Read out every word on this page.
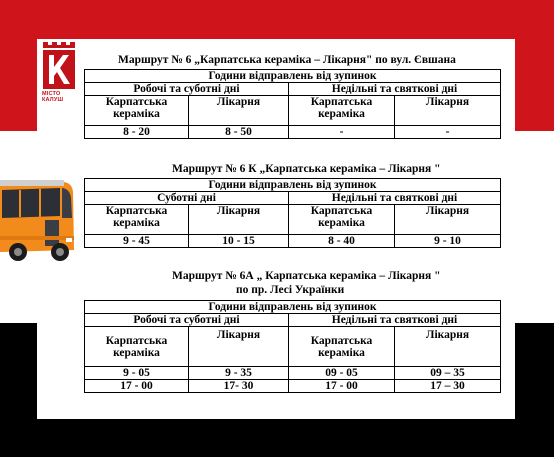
МІСТО
КАЛУШ
Маршрут № 6 „Карпатська кераміка – Лікарня" по вул. Євшана
Години відправлень від зупинок			
Робочі та суботні дні		Недільні та святкові дні	
Карпатська кераміка	Лікарня	Карпатська кераміка	Лікарня
8 - 20	8 - 50	-	-
Маршрут № 6 К „Карпатська кераміка – Лікарня "
Години відправлень від зупинок			
Суботні дні		Недільні та святкові дні	
Карпатська кераміка	Лікарня	Карпатська кераміка	Лікарня
9 - 45	10 - 15	8 - 40	9 - 10
Маршрут № 6А „ Карпатська кераміка – Лікарня "
по пр. Лесі Українки
Години відправлень від зупинок			
Робочі та суботні дні		Недільні та святкові дні	
Карпатська кераміка	Лікарня	Карпатська кераміка	Лікарня
9 - 05	9 - 35	09 - 05	09 – 35
17 - 00	17- 30	17 - 00	17 – 30
